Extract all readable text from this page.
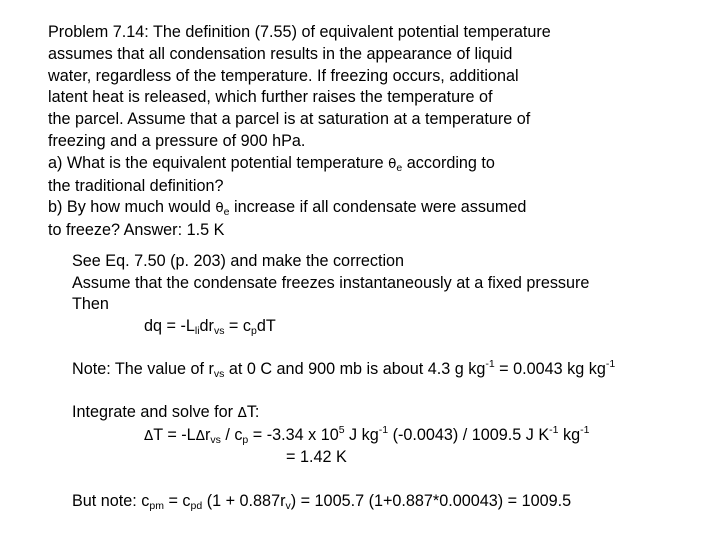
Problem 7.14: The definition (7.55) of equivalent potential temperature
assumes that all condensation results in the appearance of liquid
water, regardless of the temperature. If freezing occurs, additional
latent heat is released, which further raises the temperature of
the parcel. Assume that a parcel is at saturation at a temperature of
freezing and a pressure of 900 hPa.
a) What is the equivalent potential temperature $\theta_e$ according to
the traditional definition?
b) By how much would $\theta_e$ increase if all condensate were assumed
to freeze? Answer: 1.5 K
See Eq. 7.50 (p. 203) and make the correction
Assume that the condensate freezes instantaneously at a fixed pressure
Then
dq = $-L_{li}dr_{vs} = c_pdT$
Note: The value of $r_{vs}$ at 0 C and 900 mb is about 4.3 g $kg^{-1} = 0.0043$ kg $kg^{-1}$
Integrate and solve for ΔT:
$\Delta T = -L\Delta r_{vs} / c_p = -3.34$ x $10^5$ J $kg^{-1}$ (-0.0043) / 1009.5 J $K^{-1}$ $kg^{-1}$
= 1.42 K
But note: $c_{pm} = c_{pd}$ $(1 + 0.887r_v) = 1005.7$ (1+0.887*0.00043) = 1009.5
